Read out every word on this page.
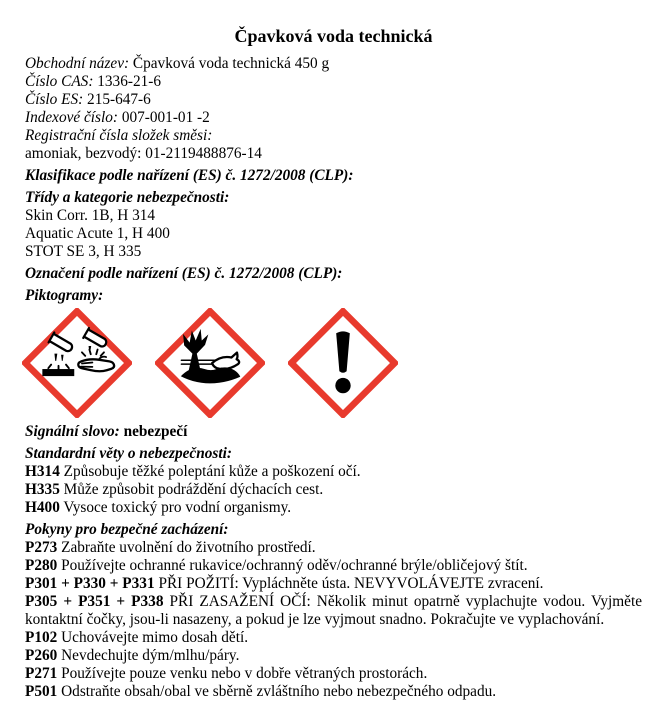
Čpavková voda technická

Obchodní název: Čpavková voda technická 450 g

Číslo CAS: 1336-21-6

Číslo ES: 215-647-6

Indexové číslo: 007-001-01 -2

Registrační čísla složek směsi:

amoniak, bezvodý: 01-2119488876-14

Klasifikace podle nařízení (ES) č. 1272/2008 (CLP):

Třídy a kategorie nebezpečnosti:

Skin Corr. 1B, H 314

Aquatic Acute 1, H 400

STOT SE 3, H 335

Označení podle nařízení (ES) č. 1272/2008 (CLP):

Piktogramy:

Signální slovo: nebezpečí

Standardní věty o nebezpečnosti:

H314 Způsobuje těžké poleptání kůže a poškození očí.

H335 Může způsobit podráždění dýchacích cest.

H400 Vysoce toxický pro vodní organismy.

Pokyny pro bezpečné zacházení:

P273 Zabraňte uvolnění do životního prostředí.

P280 Používejte ochranné rukavice/ochranný oděv/ochranné brýle/obličejový štít.

P301 + P330 + P331 PŘI POŽITÍ: Vypláchněte ústa. NEVYVOLÁVEJTE zvracení.

P305 + P351 + P338 PŘI ZASAŽENÍ OČÍ: Několik minut opatrně vyplachujte vodou. Vyjměte kontaktní čočky, jsou-li nasazeny, a pokud je lze vyjmout snadno. Pokračujte ve vyplachování.

P102 Uchovávejte mimo dosah dětí.

P260 Nevdechujte dým/mlhu/páry.

P271 Používejte pouze venku nebo v dobře větraných prostorách.

P501 Odstraňte obsah/obal ve sběrně zvláštního nebo nebezpečného odpadu.
